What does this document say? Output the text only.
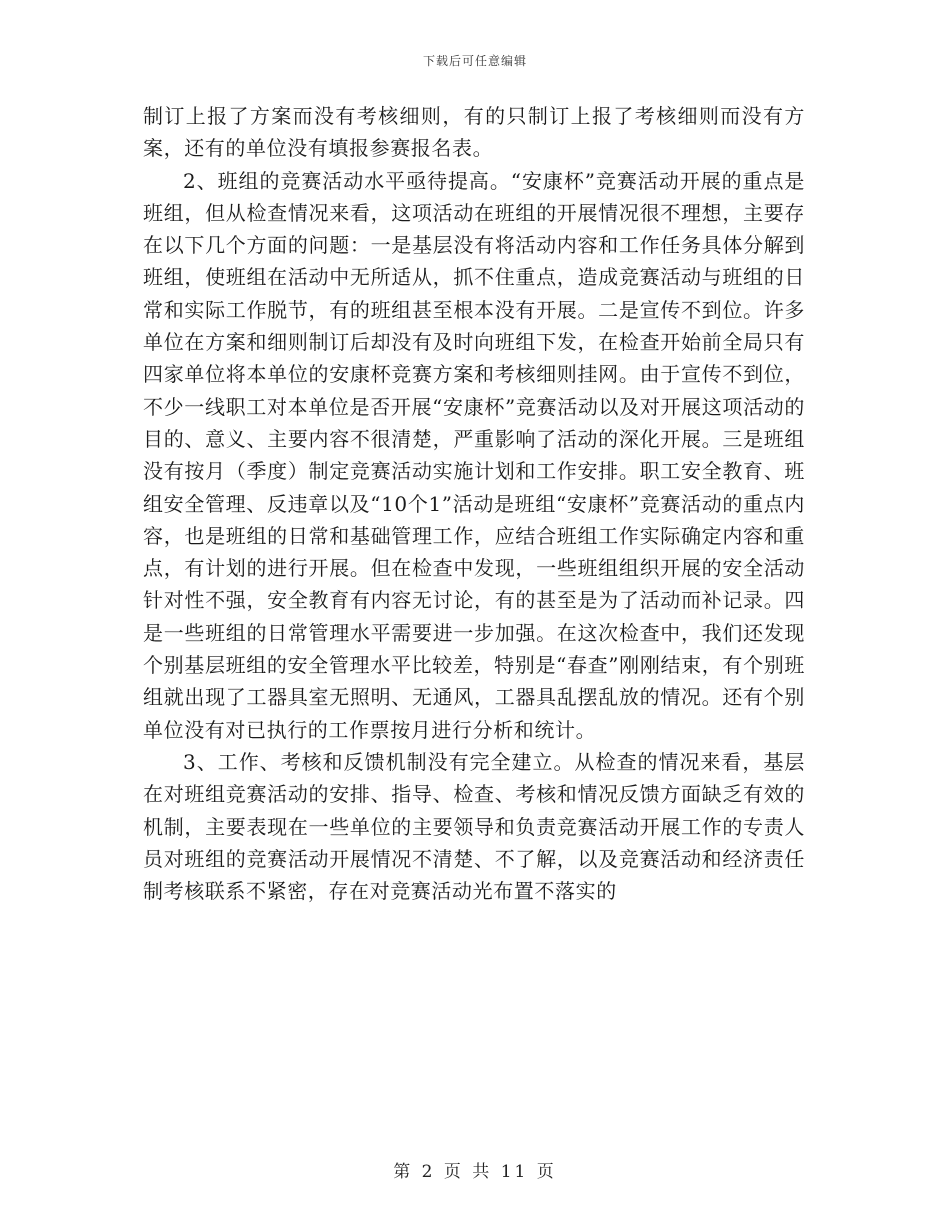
下载后可任意编辑

制订上报了方案而没有考核细则，有的只制订上报了考核细则而没有方案，还有的单位没有填报参赛报名表。

2、班组的竞赛活动水平亟待提高。“安康杯”竞赛活动开展的重点是班组，但从检查情况来看，这项活动在班组的开展情况很不理想，主要存在以下几个方面的问题：一是基层没有将活动内容和工作任务具体分解到班组，使班组在活动中无所适从，抓不住重点，造成竞赛活动与班组的日常和实际工作脱节，有的班组甚至根本没有开展。二是宣传不到位。许多单位在方案和细则制订后却没有及时向班组下发，在检查开始前全局只有四家单位将本单位的安康杯竞赛方案和考核细则挂网。由于宣传不到位，不少一线职工对本单位是否开展“安康杯”竞赛活动以及对开展这项活动的目的、意义、主要内容不很清楚，严重影响了活动的深化开展。三是班组没有按月（季度）制定竞赛活动实施计划和工作安排。职工安全教育、班组安全管理、反违章以及“10个1”活动是班组“安康杯”竞赛活动的重点内容，也是班组的日常和基础管理工作，应结合班组工作实际确定内容和重点，有计划的进行开展。但在检查中发现，一些班组组织开展的安全活动针对性不强，安全教育有内容无讨论，有的甚至是为了活动而补记录。四是一些班组的日常管理水平需要进一步加强。在这次检查中，我们还发现个别基层班组的安全管理水平比较差，特别是“春查”刚刚结束，有个别班组就出现了工器具室无照明、无通风，工器具乱摆乱放的情况。还有个别单位没有对已执行的工作票按月进行分析和统计。

3、工作、考核和反馈机制没有完全建立。从检查的情况来看，基层在对班组竞赛活动的安排、指导、检查、考核和情况反馈方面缺乏有效的机制，主要表现在一些单位的主要领导和负责竞赛活动开展工作的专责人员对班组的竞赛活动开展情况不清楚、不了解，以及竞赛活动和经济责任制考核联系不紧密，存在对竞赛活动光布置不落实的

第 2 页 共 11 页
